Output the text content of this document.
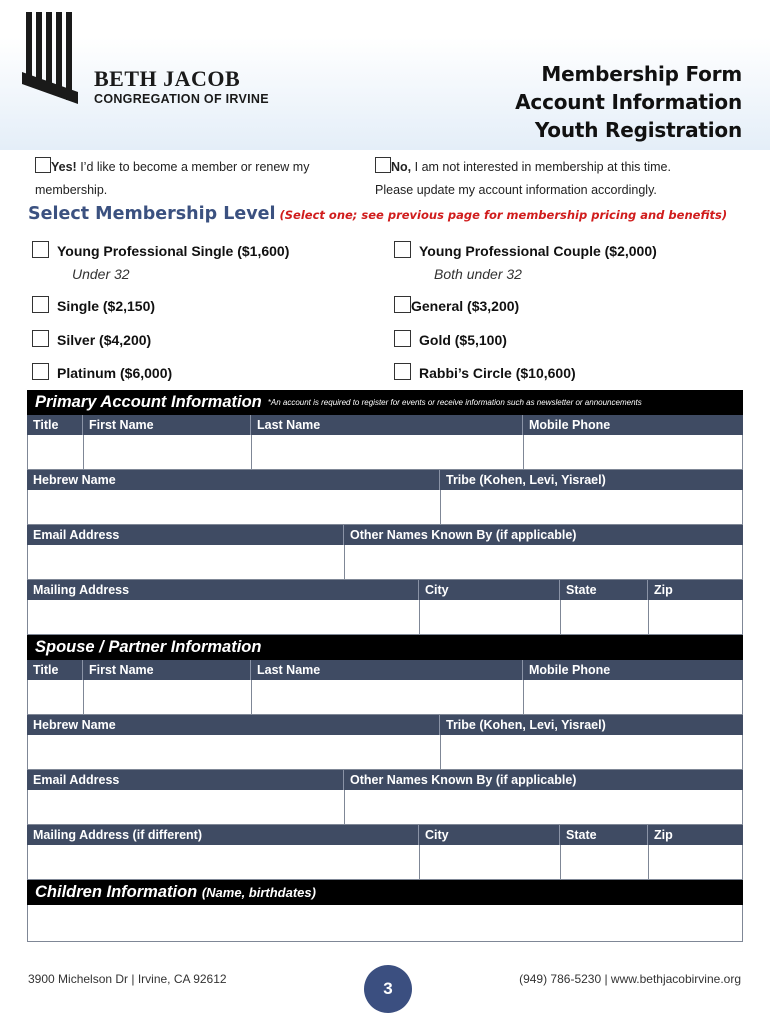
BETH JACOB
CONGREGATION OF IRVINE
Membership Form
Account Information
Youth Registration
Yes! I’d like to become a member or renew my
membership.
No, I am not interested in membership at this time.
Please update my account information accordingly.
Select Membership Level (Select one; see previous page for membership pricing and benefits)
Young Professional Single ($1,600)
Under 32
Young Professional Couple ($2,000)
Both under 32
Single ($2,150)	General ($3,200)
Silver ($4,200)	Gold ($5,100)
Platinum ($6,000)	Rabbi’s Circle ($10,600)
Primary Account Information *An account is required to register for events or receive information such as newsletter or announcements
Title	First Name	Last Name	Mobile Phone
Hebrew Name	Tribe (Kohen, Levi, Yisrael)
Email Address	Other Names Known By (if applicable)
Mailing Address	City	State	Zip
Spouse / Partner Information
Title	First Name	Last Name	Mobile Phone
Hebrew Name	Tribe (Kohen, Levi, Yisrael)
Email Address	Other Names Known By (if applicable)
Mailing Address (if different)	City	State	Zip
Children Information (Name, birthdates)
3900 Michelson Dr | Irvine, CA 92612	3	(949) 786-5230 | www.bethjacobirvine.org
